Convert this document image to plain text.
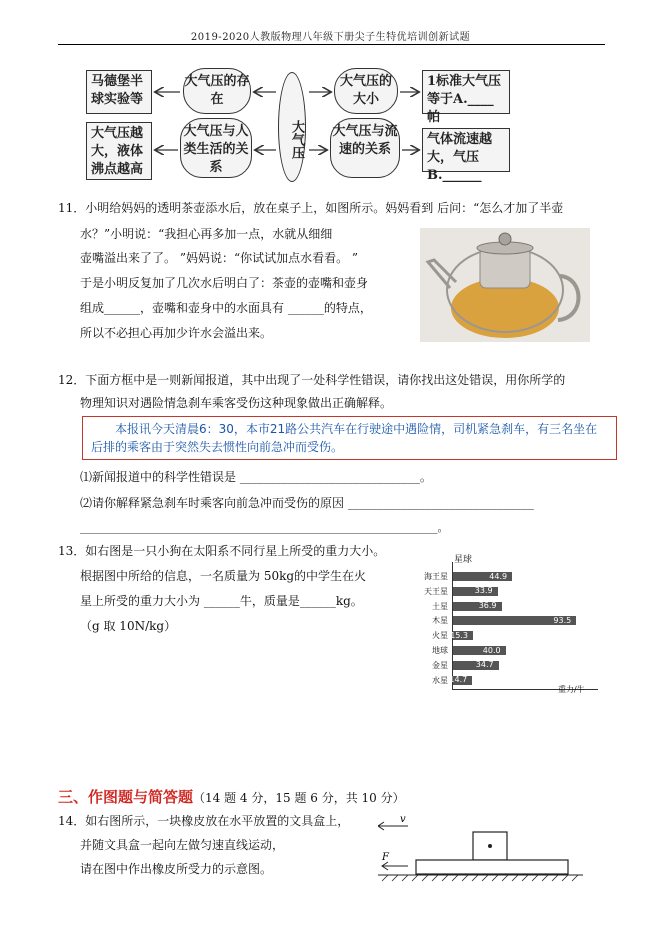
2019-2020人教版物理八年级下册尖子生特优培训创新试题
马德堡半球实验等
大气压的存在
大气压
大气压的大小
1标准大气压等于A.____帕
大气压越大，液体沸点越高
大气压与人类生活的关系
大气压与流速的关系
气体流速越大，气压B.______
11．小明给妈妈的透明茶壶添水后，放在桌子上，如图所示。妈妈看到 后问：“怎么才加了半壶
水？”小明说：“我担心再多加一点，水就从细细
壶嘴溢出来了了。 ”妈妈说：“你试试加点水看看。 ”
于是小明反复加了几次水后明白了：茶壶的壶嘴和壶身
组成______，壶嘴和壶身中的水面具有 ______的特点，
所以不必担心再加少许水会溢出来。
12．下面方框中是一则新闻报道，其中出现了一处科学性错误，请你找出这处错误，用你所学的
物理知识对遇险情急刹车乘客受伤这种现象做出正确解释。
本报讯今天清晨6：30，本市21路公共汽车在行驶途中遇险情，司机紧急刹车，有三名坐在后排的乘客由于突然失去惯性向前急冲而受伤。
⑴新闻报道中的科学性错误是 ______________________________。
⑵请你解释紧急刹车时乘客向前急冲而受伤的原因 _______________________________
_________________________________________________________________。
13．如右图是一只小狗在太阳系不同行星上所受的重力大小。
根据图中所给的信息，一名质量为 50kg的中学生在火
星上所受的重力大小为 ______牛，质量是______kg。
（g 取 10N/kg）
星球
重力/牛
海王星	44.9
天王星	33.9
土星	36.9
木星	93.5
火星 15.3
地球	40.0
金星	34.7
水星 14.7
三、作图题与简答题（14 题 4 分，15 题 6 分，共 10 分）
14．如右图所示，一块橡皮放在水平放置的文具盒上，
并随文具盒一起向左做匀速直线运动，
请在图中作出橡皮所受力的示意图。
v
F
